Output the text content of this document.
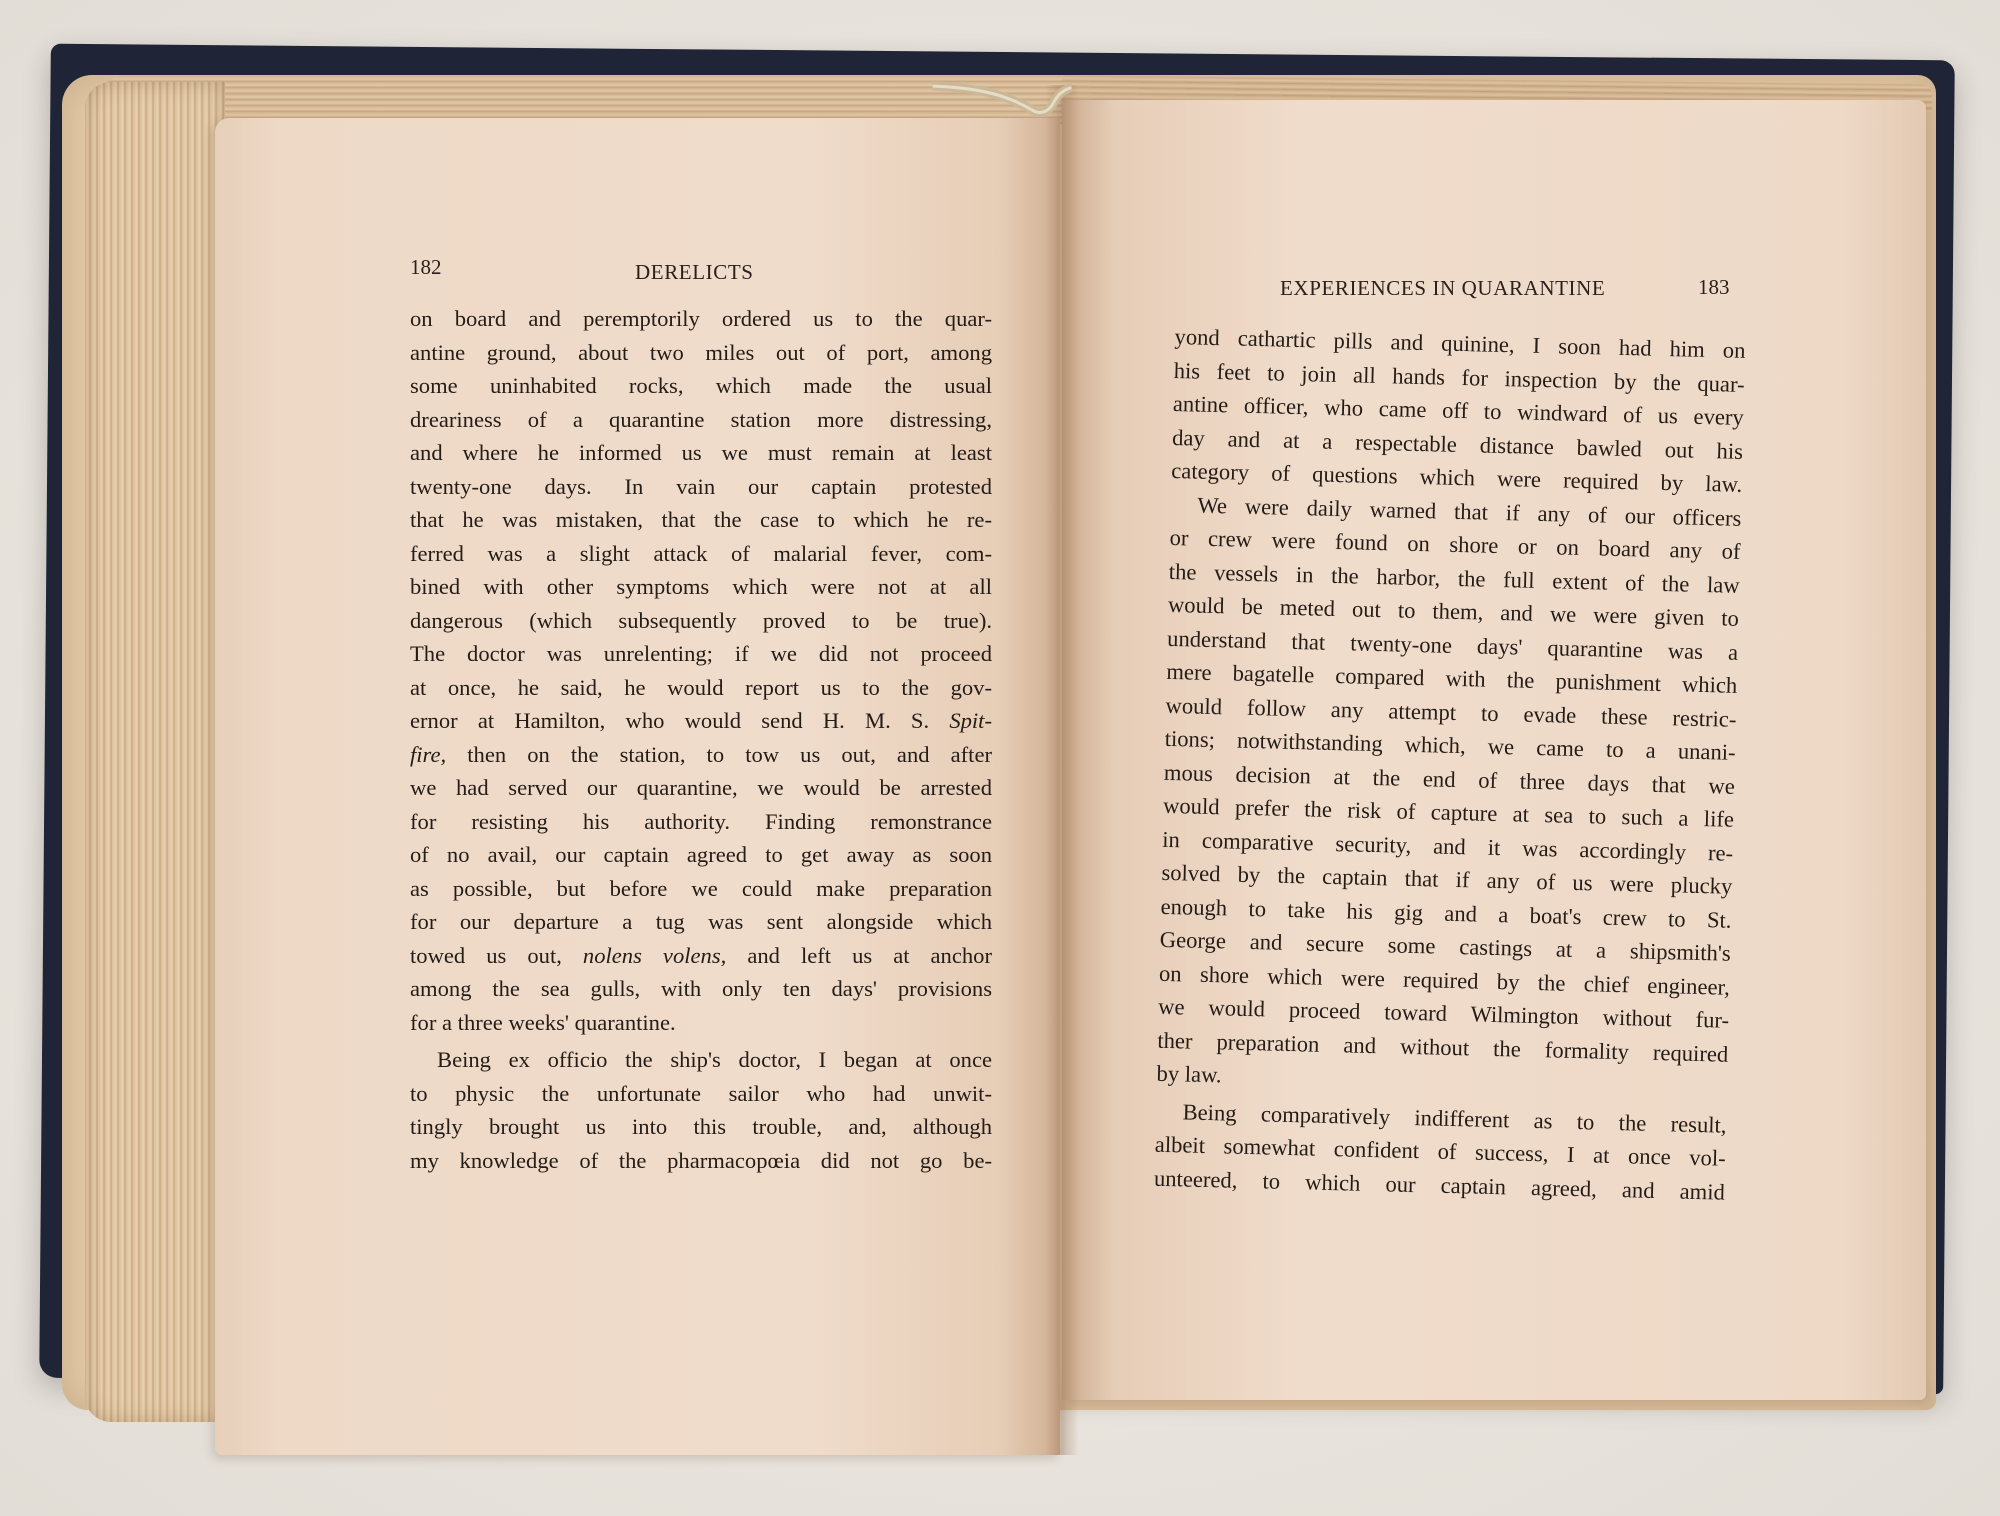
182	DERELICTS
on board and peremptorily ordered us to the quar-
antine ground, about two miles out of port, among
some uninhabited rocks, which made the usual
dreariness of a quarantine station more distressing,
and where he informed us we must remain at least
twenty-one days. In vain our captain protested
that he was mistaken, that the case to which he re-
ferred was a slight attack of malarial fever, com-
bined with other symptoms which were not at all
dangerous (which subsequently proved to be true).
The doctor was unrelenting; if we did not proceed
at once, he said, he would report us to the gov-
ernor at Hamilton, who would send H. M. S. Spit-
fire, then on the station, to tow us out, and after
we had served our quarantine, we would be arrested
for resisting his authority. Finding remonstrance
of no avail, our captain agreed to get away as soon
as possible, but before we could make preparation
for our departure a tug was sent alongside which
towed us out, nolens volens, and left us at anchor
among the sea gulls, with only ten days' provisions
for a three weeks' quarantine.
Being ex officio the ship's doctor, I began at once
to physic the unfortunate sailor who had unwit-
tingly brought us into this trouble, and, although
my knowledge of the pharmacopœia did not go be-
EXPERIENCES IN QUARANTINE	183
yond cathartic pills and quinine, I soon had him on
his feet to join all hands for inspection by the quar-
antine officer, who came off to windward of us every
day and at a respectable distance bawled out his
category of questions which were required by law.
We were daily warned that if any of our officers
or crew were found on shore or on board any of
the vessels in the harbor, the full extent of the law
would be meted out to them, and we were given to
understand that twenty-one days' quarantine was a
mere bagatelle compared with the punishment which
would follow any attempt to evade these restric-
tions; notwithstanding which, we came to a unani-
mous decision at the end of three days that we
would prefer the risk of capture at sea to such a life
in comparative security, and it was accordingly re-
solved by the captain that if any of us were plucky
enough to take his gig and a boat's crew to St.
George and secure some castings at a shipsmith's
on shore which were required by the chief engineer,
we would proceed toward Wilmington without fur-
ther preparation and without the formality required
by law.
Being comparatively indifferent as to the result,
albeit somewhat confident of success, I at once vol-
unteered, to which our captain agreed, and amid
